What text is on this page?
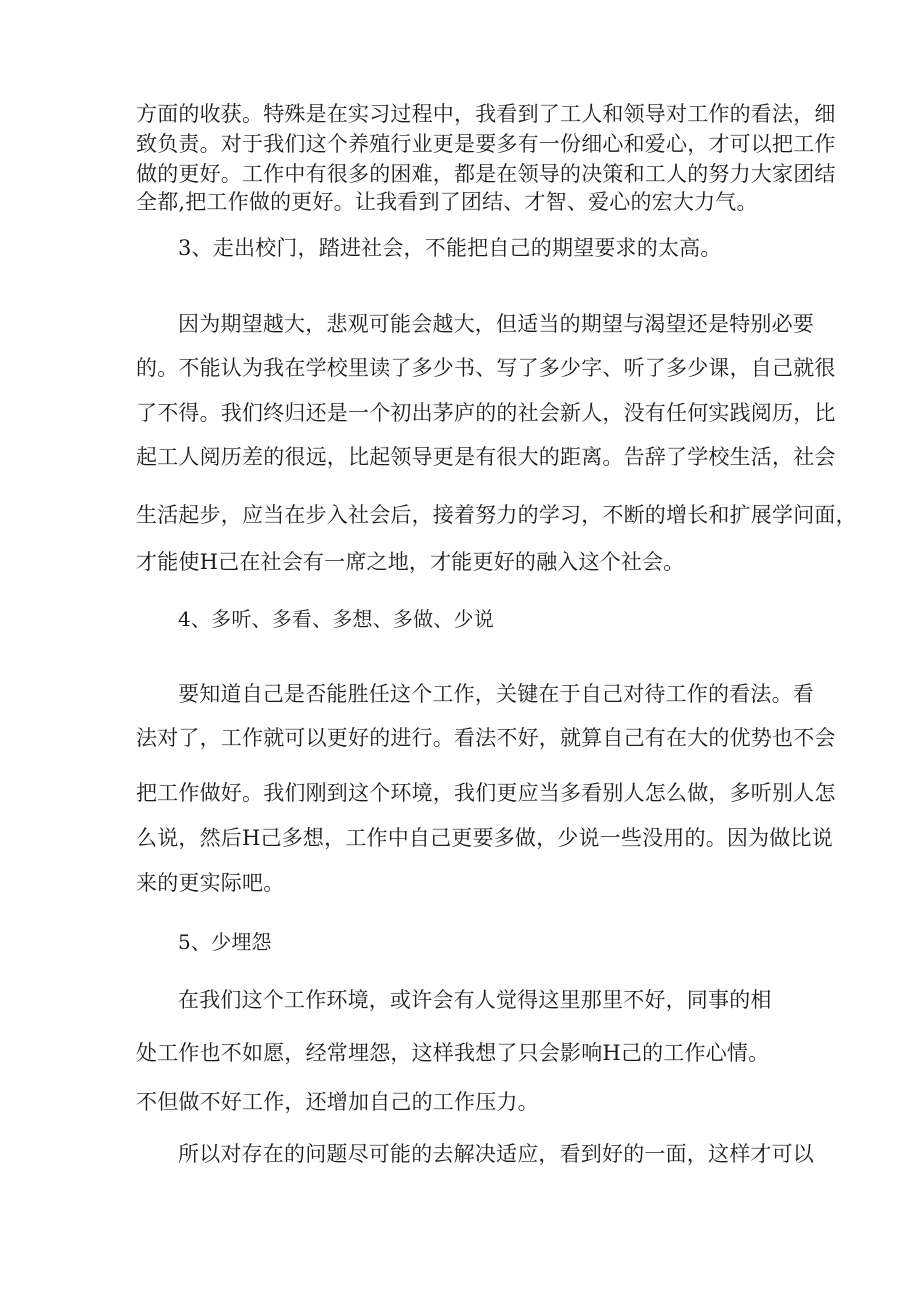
方面的收获。特殊是在实习过程中，我看到了工人和领导对工作的看法，细

致负责。对于我们这个养殖行业更是要多有一份细心和爱心，才可以把工作

做的更好。工作中有很多的困难，都是在领导的决策和工人的努力大家团结

全都,把工作做的更好。让我看到了团结、才智、爱心的宏大力气。

3、走出校门，踏进社会，不能把自己的期望要求的太高。

因为期望越大，悲观可能会越大，但适当的期望与渴望还是特别必要

的。不能认为我在学校里读了多少书、写了多少字、听了多少课，自己就很

了不得。我们终归还是一个初出茅庐的的社会新人，没有任何实践阅历，比

起工人阅历差的很远，比起领导更是有很大的距离。告辞了学校生活，社会

生活起步，应当在步入社会后，接着努力的学习，不断的增长和扩展学问面，

才能使H己在社会有一席之地，才能更好的融入这个社会。

4、多听、多看、多想、多做、少说

要知道自己是否能胜任这个工作，关键在于自己对待工作的看法。看

法对了，工作就可以更好的进行。看法不好，就算自己有在大的优势也不会

把工作做好。我们刚到这个环境，我们更应当多看别人怎么做，多听别人怎

么说，然后H己多想，工作中自己更要多做，少说一些没用的。因为做比说

来的更实际吧。

5、少埋怨

在我们这个工作环境，或许会有人觉得这里那里不好，同事的相

处工作也不如愿，经常埋怨，这样我想了只会影响H己的工作心情。

不但做不好工作，还增加自己的工作压力。

所以对存在的问题尽可能的去解决适应，看到好的一面，这样才可以
